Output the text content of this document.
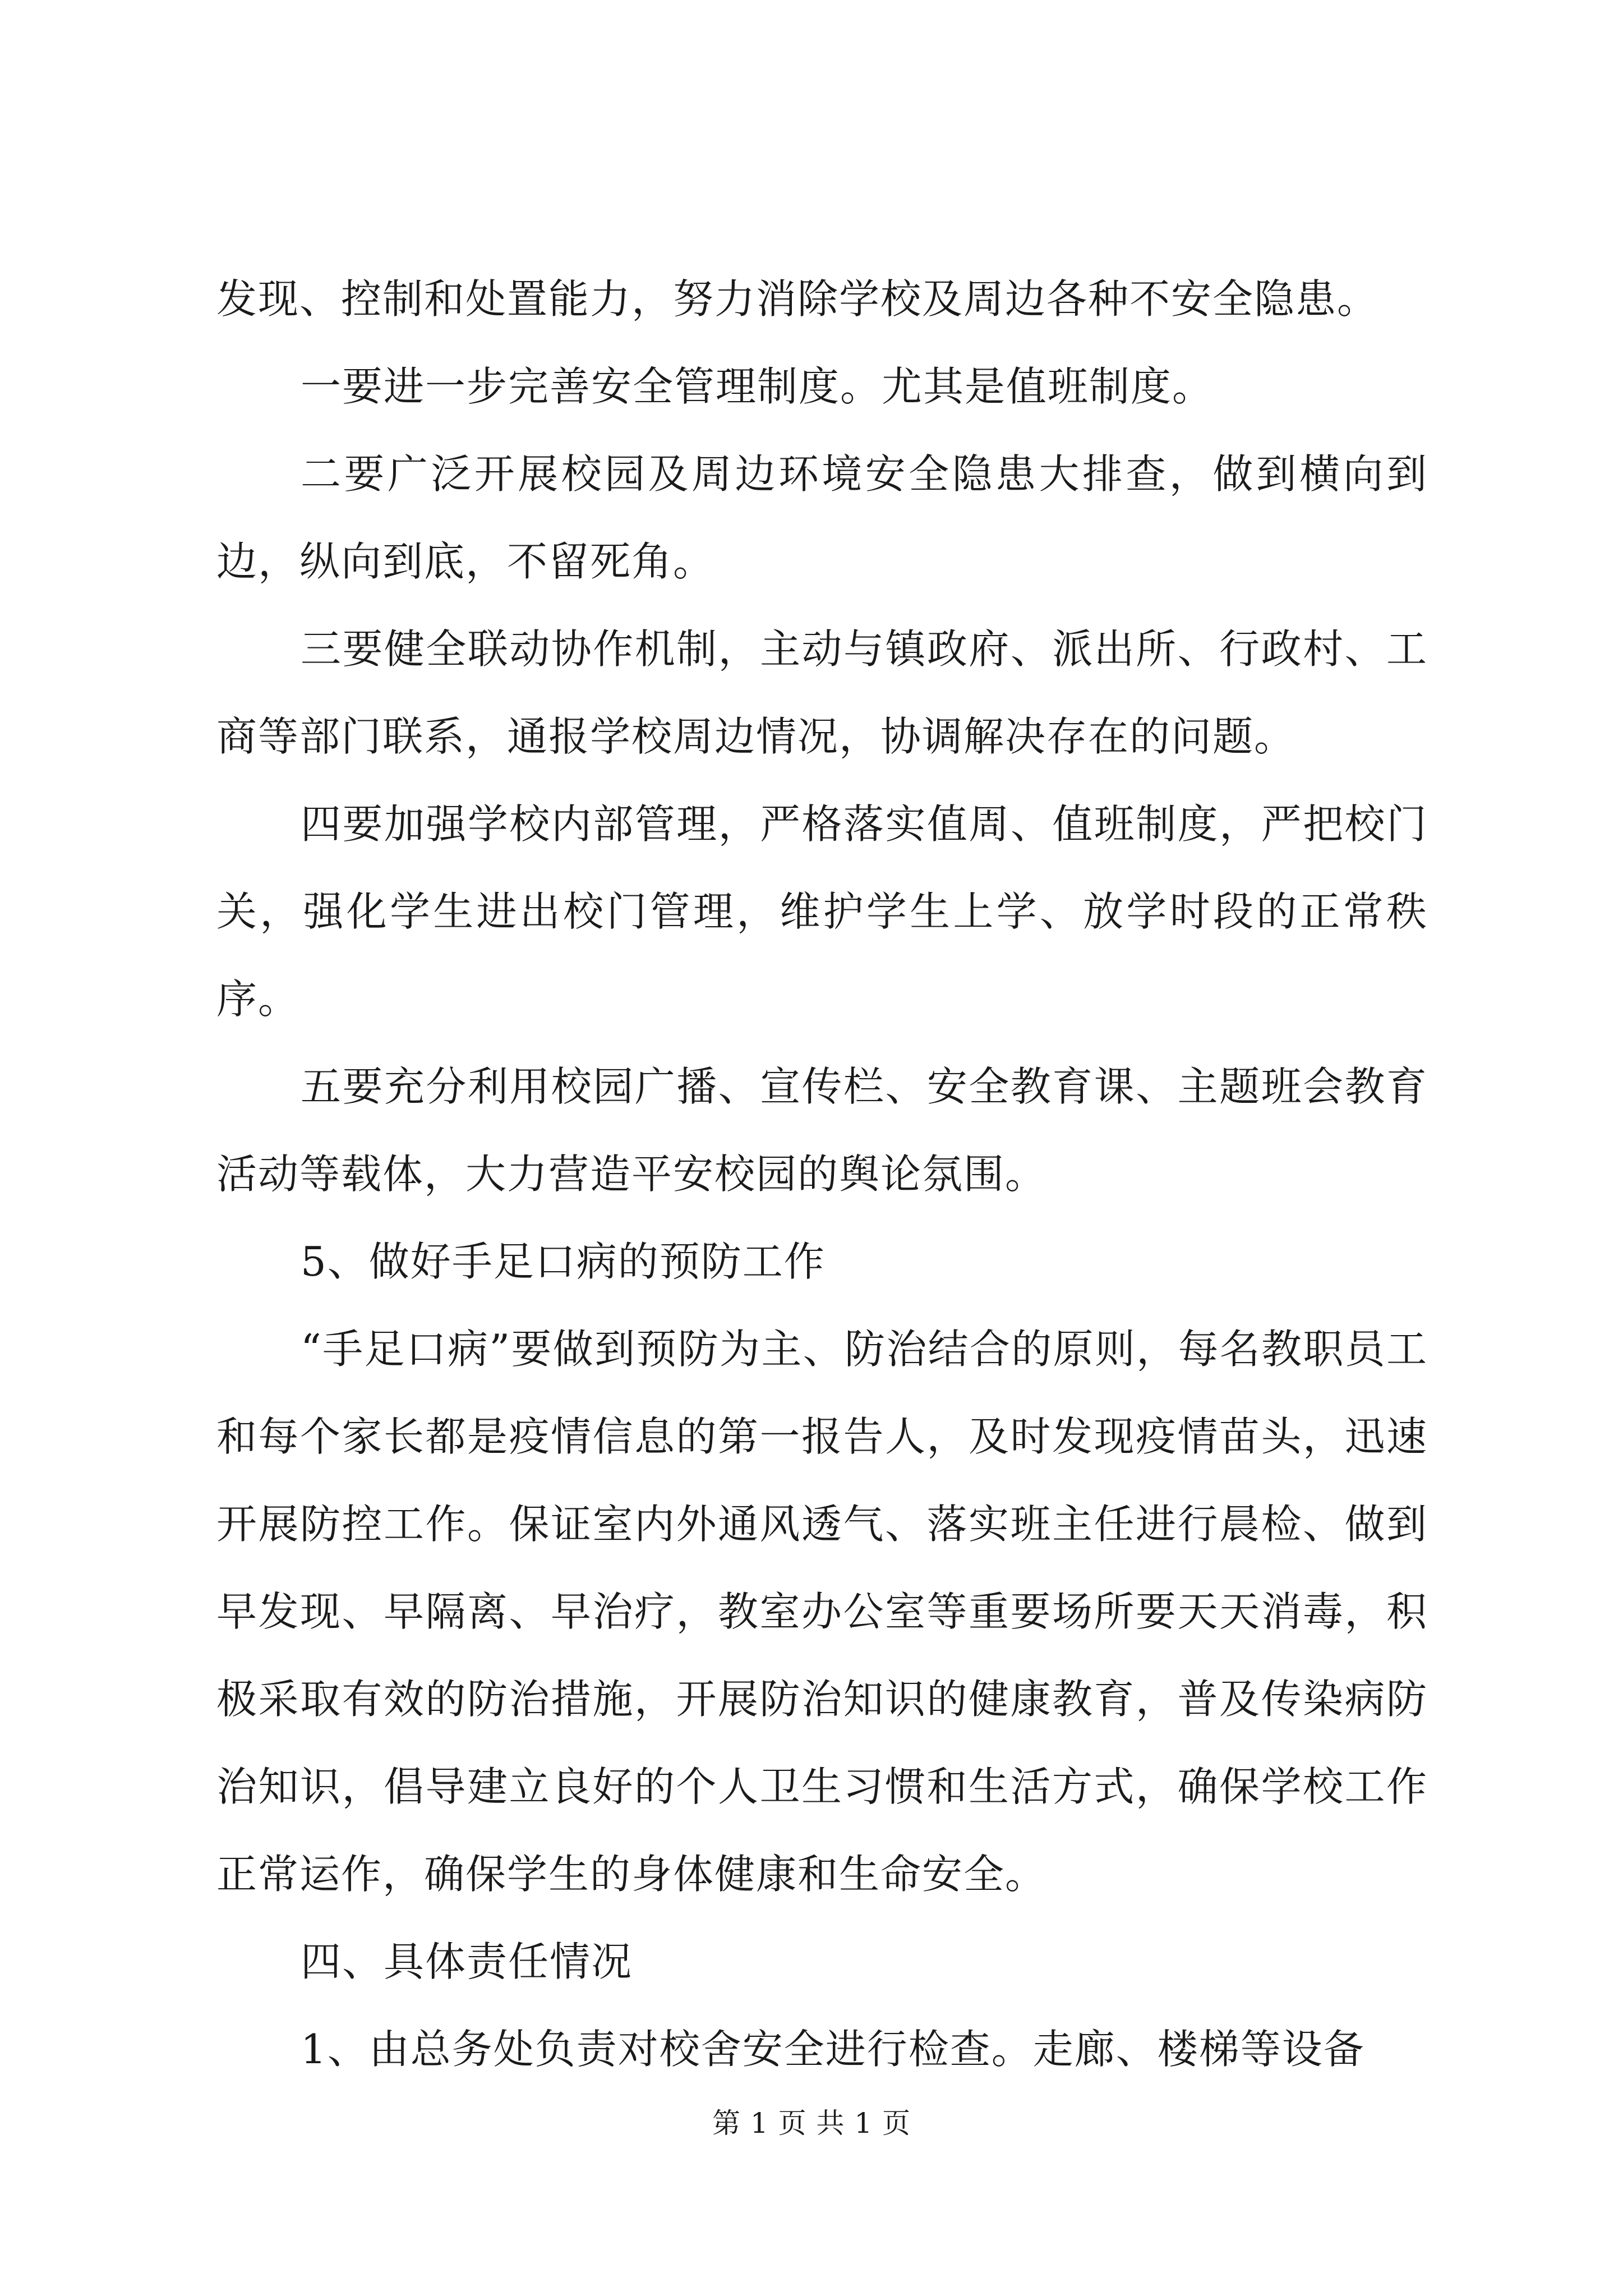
发现、控制和处置能力，努力消除学校及周边各种不安全隐患。

一要进一步完善安全管理制度。尤其是值班制度。

二要广泛开展校园及周边环境安全隐患大排查，做到横向到边，纵向到底，不留死角。

三要健全联动协作机制，主动与镇政府、派出所、行政村、工商等部门联系，通报学校周边情况，协调解决存在的问题。

四要加强学校内部管理，严格落实值周、值班制度，严把校门关，强化学生进出校门管理，维护学生上学、放学时段的正常秩序。

五要充分利用校园广播、宣传栏、安全教育课、主题班会教育活动等载体，大力营造平安校园的舆论氛围。

5、做好手足口病的预防工作

“手足口病”要做到预防为主、防治结合的原则，每名教职员工和每个家长都是疫情信息的第一报告人，及时发现疫情苗头，迅速开展防控工作。保证室内外通风透气、落实班主任进行晨检、做到早发现、早隔离、早治疗，教室办公室等重要场所要天天消毒，积极采取有效的防治措施，开展防治知识的健康教育，普及传染病防治知识，倡导建立良好的个人卫生习惯和生活方式，确保学校工作正常运作，确保学生的身体健康和生命安全。

四、具体责任情况

1、由总务处负责对校舍安全进行检查。走廊、楼梯等设备

第 1 页 共 1 页
